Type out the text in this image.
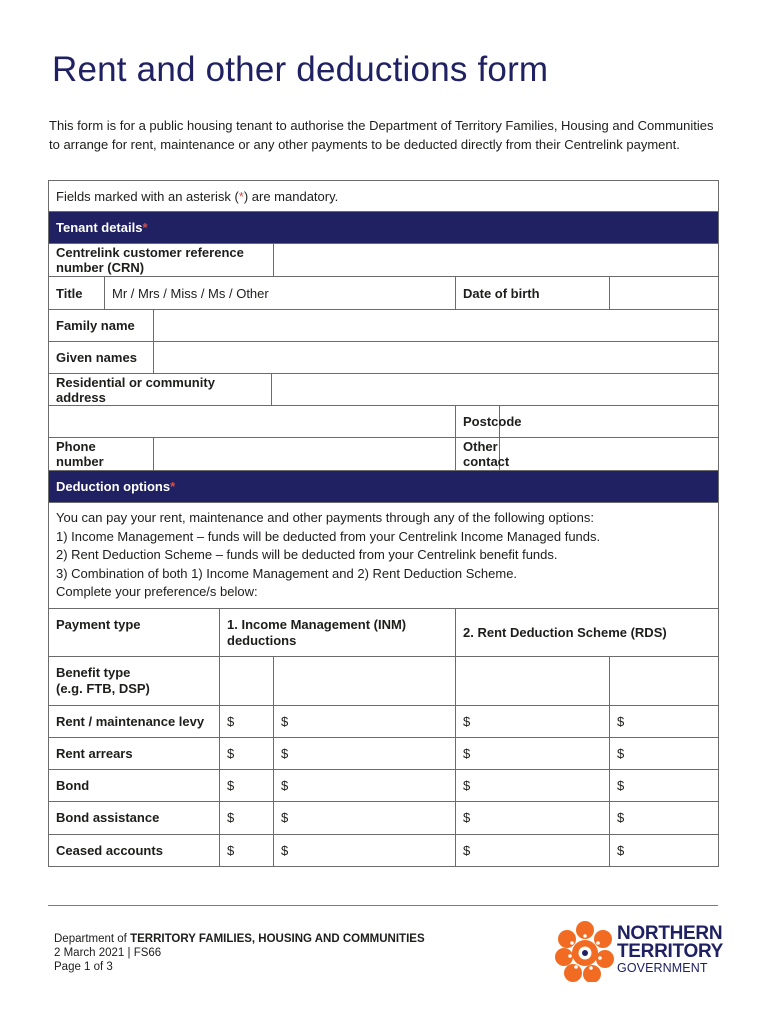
Rent and other deductions form

This form is for a public housing tenant to authorise the Department of Territory Families, Housing and Communities to arrange for rent, maintenance or any other payments to be deducted directly from their Centrelink payment.

Fields marked with an asterisk (*) are mandatory.								
Tenant details*								
Centrelink customer reference number (CRN)								
Title	Mr / Mrs / Miss / Ms / Other					Date of birth		
Family name								
Given names								
Residential or community address								
						Postcode		
Phone number						Other contact		
Deduction options*								

You can pay your rent, maintenance and other payments through any of the following options:

1) Income Management – funds will be deducted from your Centrelink Income Managed funds.

2) Rent Deduction Scheme – funds will be deducted from your Centrelink benefit funds.

3) Combination of both 1) Income Management and 2) Rent Deduction Scheme.

Complete your preference/s below:								

Payment type			1. Income Management (INM) deductions			2. Rent Deduction Scheme (RDS)		
Benefit type
(e.g. FTB, DSP)								
Rent / maintenance levy			$		$	$		$
Rent arrears			$		$	$		$
Bond			$		$	$		$
Bond assistance			$		$	$		$
Ceased accounts			$		$	$		$
Department of TERRITORY FAMILIES, HOUSING AND COMMUNITIES
2 March 2021 | FS66
Page 1 of 3
NORTHERN
TERRITORY
GOVERNMENT
